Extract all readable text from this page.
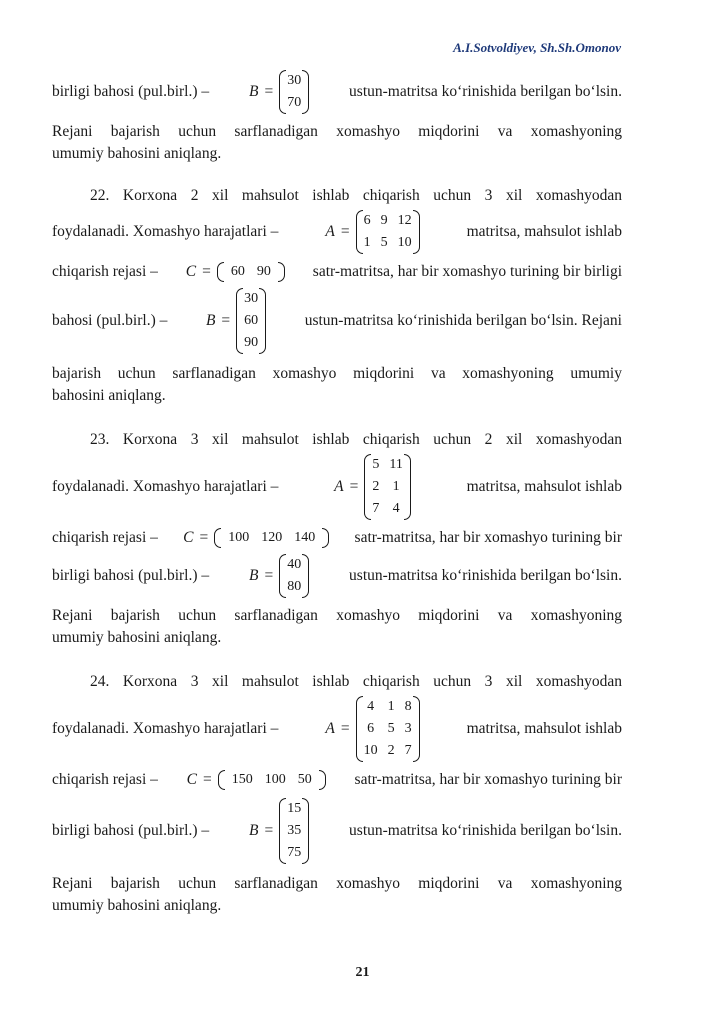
A.I.Sotvoldiyev, Sh.Sh.Omonov
birligi bahosi (pul.birl.) –	B =
30
70
ustun-matritsa ko‘rinishida berilgan bo‘lsin.
Rejani bajarish uchun sarflanadigan xomashyo miqdorini va xomashyoning
umumiy bahosini aniqlang.
22. Korxona 2 xil mahsulot ishlab chiqarish uchun 3 xil xomashyodan
foydalanadi. Xomashyo harajatlari –	A =
6 9 12
1 5 10
matritsa, mahsulot ishlab
chiqarish rejasi – C =	60 90	satr-matritsa, har bir xomashyo turining bir birligi
bahosi (pul.birl.) – B =
30
60
90
ustun-matritsa ko‘rinishida berilgan bo‘lsin. Rejani
bajarish uchun sarflanadigan xomashyo miqdorini va xomashyoning umumiy
bahosini aniqlang.
23. Korxona 3 xil mahsulot ishlab chiqarish uchun 2 xil xomashyodan
foydalanadi. Xomashyo harajatlari –	A =
5 11
2 1
7 4
matritsa, mahsulot ishlab
chiqarish rejasi – C =	100 120 140	satr-matritsa, har bir xomashyo turining bir
birligi bahosi (pul.birl.) –	B =
40
80
ustun-matritsa ko‘rinishida berilgan bo‘lsin.
Rejani bajarish uchun sarflanadigan xomashyo miqdorini va xomashyoning
umumiy bahosini aniqlang.
24. Korxona 3 xil mahsulot ishlab chiqarish uchun 3 xil xomashyodan
foydalanadi. Xomashyo harajatlari –	A =
4 1 8
6 5 3
10 2 7
matritsa, mahsulot ishlab
chiqarish rejasi – C =	150 100 50	satr-matritsa, har bir xomashyo turining bir
birligi bahosi (pul.birl.) –	B =
15
35
75
ustun-matritsa ko‘rinishida berilgan bo‘lsin.
Rejani bajarish uchun sarflanadigan xomashyo miqdorini va xomashyoning
umumiy bahosini aniqlang.
21
